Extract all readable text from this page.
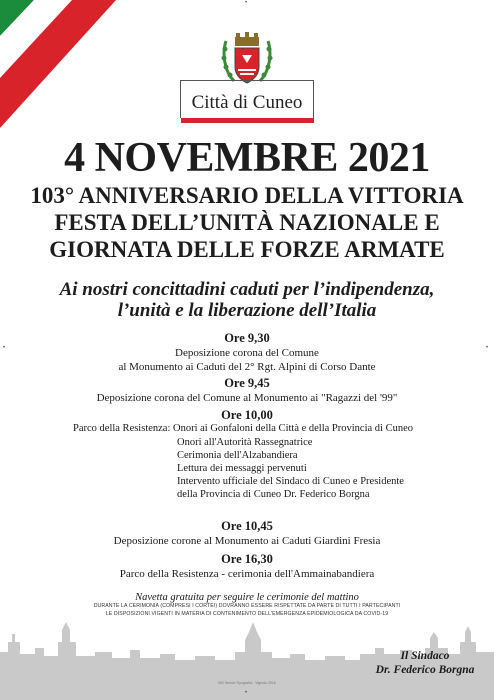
Città di Cuneo
4 NOVEMBRE 2021
103° ANNIVERSARIO DELLA VITTORIA
FESTA DELL’UNITÀ NAZIONALE E
GIORNATA DELLE FORZE ARMATE
Ai nostri concittadini caduti per l’indipendenza,
l’unità e la liberazione dell’Italia
Ore 9,30
Deposizione corona del Comune
al Monumento ai Caduti del 2° Rgt. Alpini di Corso Dante
Ore 9,45
Deposizione corona del Comune al Monumento ai "Ragazzi del '99"
Ore 10,00
Parco della Resistenza: Onori ai Gonfaloni della Città e della Provincia di Cuneo
Onori all'Autorità Rassegnatrice
Cerimonia dell'Alzabandiera
Lettura dei messaggi pervenuti
Intervento ufficiale del Sindaco di Cuneo e Presidente
della Provincia di Cuneo Dr. Federico Borgna
Ore 10,45
Deposizione corone al Monumento ai Caduti Giardini Fresia
Ore 16,30
Parco della Resistenza - cerimonia dell'Ammainabandiera
Navetta gratuita per seguire le cerimonie del mattino
DURANTE LA CERIMONIA (COMPRESI I CORTEI) DOVRANNO ESSERE RISPETTATE DA PARTE DI TUTTI I PARTECIPANTI
LE DISPOSIZIONI VIGENTI IN MATERIA DI CONTENIMENTO DELL'EMERGENZA EPIDEMIOLOGICA DA COVID-19
Il Sindaco
Dr. Federico Borgna
MG Servizi Tipografici - Vignolo 2016
•	•
•
•
